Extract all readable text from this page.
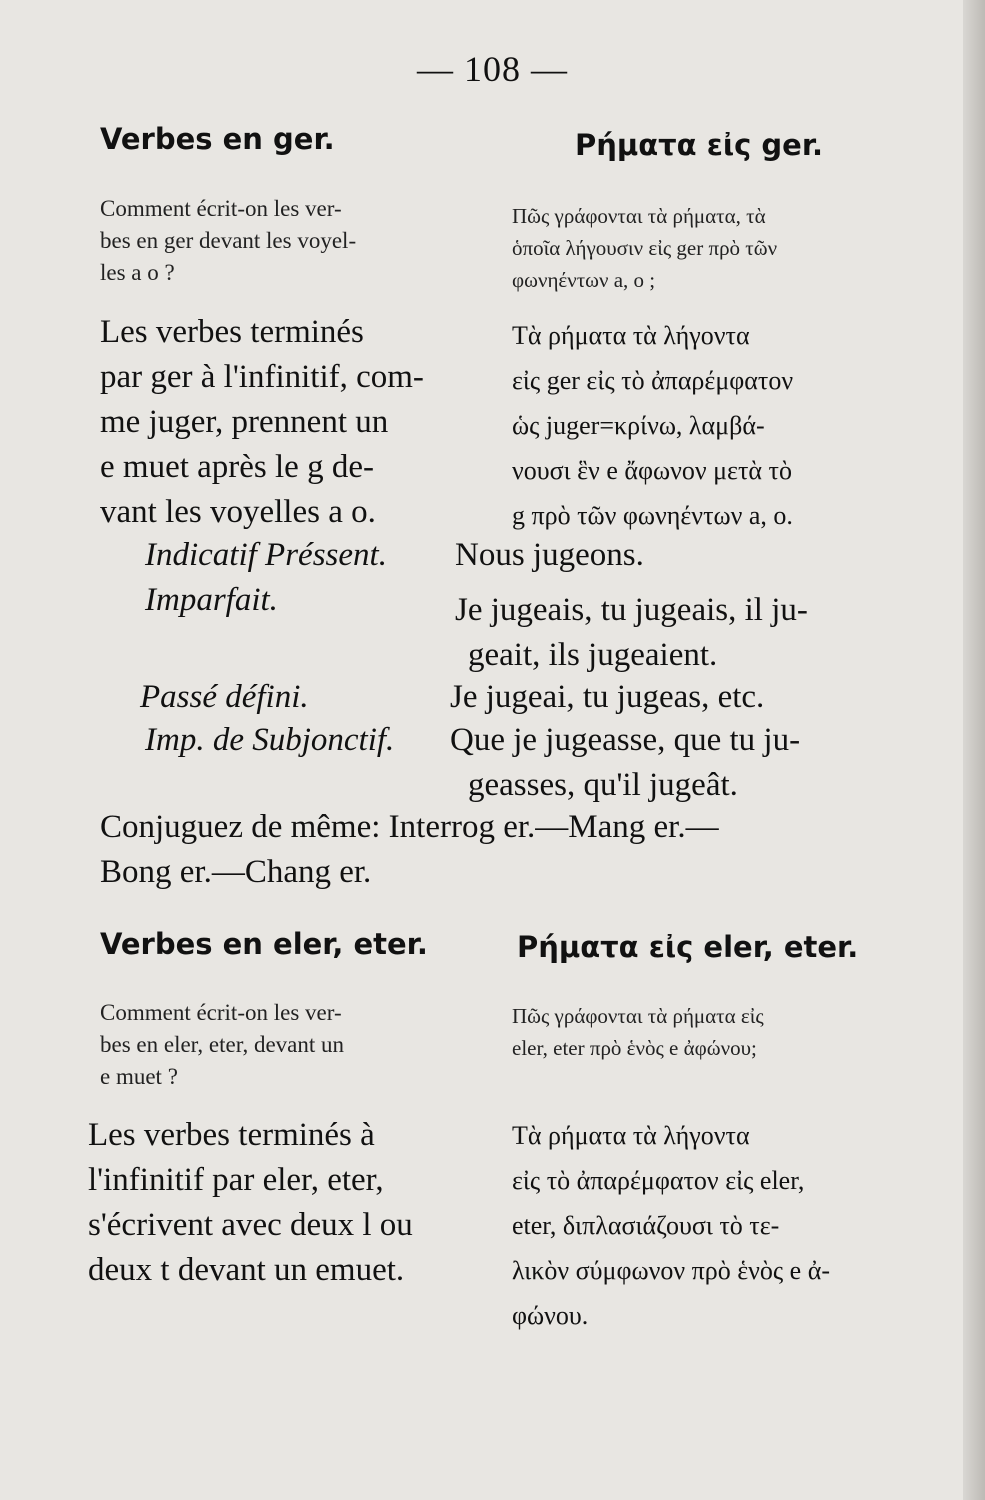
— 108 —
Verbes en ger.	Ρήματα εἰς ger.
Comment écrit-on les ver-
bes en ger devant les voyel-
les a o ?
Πῶς γράφονται τὰ ρήματα, τὰ
ὁποῖα λήγουσιν εἰς ger πρὸ τῶν
φωνηέντων a, o ;
Les verbes terminés
par ger à l'infinitif, com-
me juger, prennent un
e muet après le g de-
vant les voyelles a o.
Τὰ ρήματα τὰ λήγοντα
εἰς ger εἰς τὸ ἀπαρέμφατον
ὡς juger=κρίνω, λαμβά-
νουσι ἓν e ἄφωνον μετὰ τὸ
g πρὸ τῶν φωνηέντων a, o.
Indicatif Préssent. Nous jugeons.
Imparfait.	Je jugeais, tu jugeais, il ju-
geait, ils jugeaient.
Passé défini.	Je jugeai, tu jugeas, etc.
Imp. de Subjonctif. Que je jugeasse, que tu ju-
geasses, qu'il jugeât.
Conjuguez de même: Interrog er.—Mang er.—
Bong er.—Chang er.
Verbes en eler, eter.	Ρήματα εἰς eler, eter.
Comment écrit-on les ver-
bes en eler, eter, devant un
e muet ?
Πῶς γράφονται τὰ ρήματα εἰς
eler, eter πρὸ ἑνὸς e ἀφώνου;
Les verbes terminés à
l'infinitif par eler, eter,
s'écrivent avec deux l ou
deux t devant un emuet.
Τὰ ρήματα τὰ λήγοντα
εἰς τὸ ἀπαρέμφατον εἰς eler,
eter, διπλασιάζουσι τὸ τε-
λικὸν σύμφωνον πρὸ ἑνὸς e ἀ-
φώνου.
